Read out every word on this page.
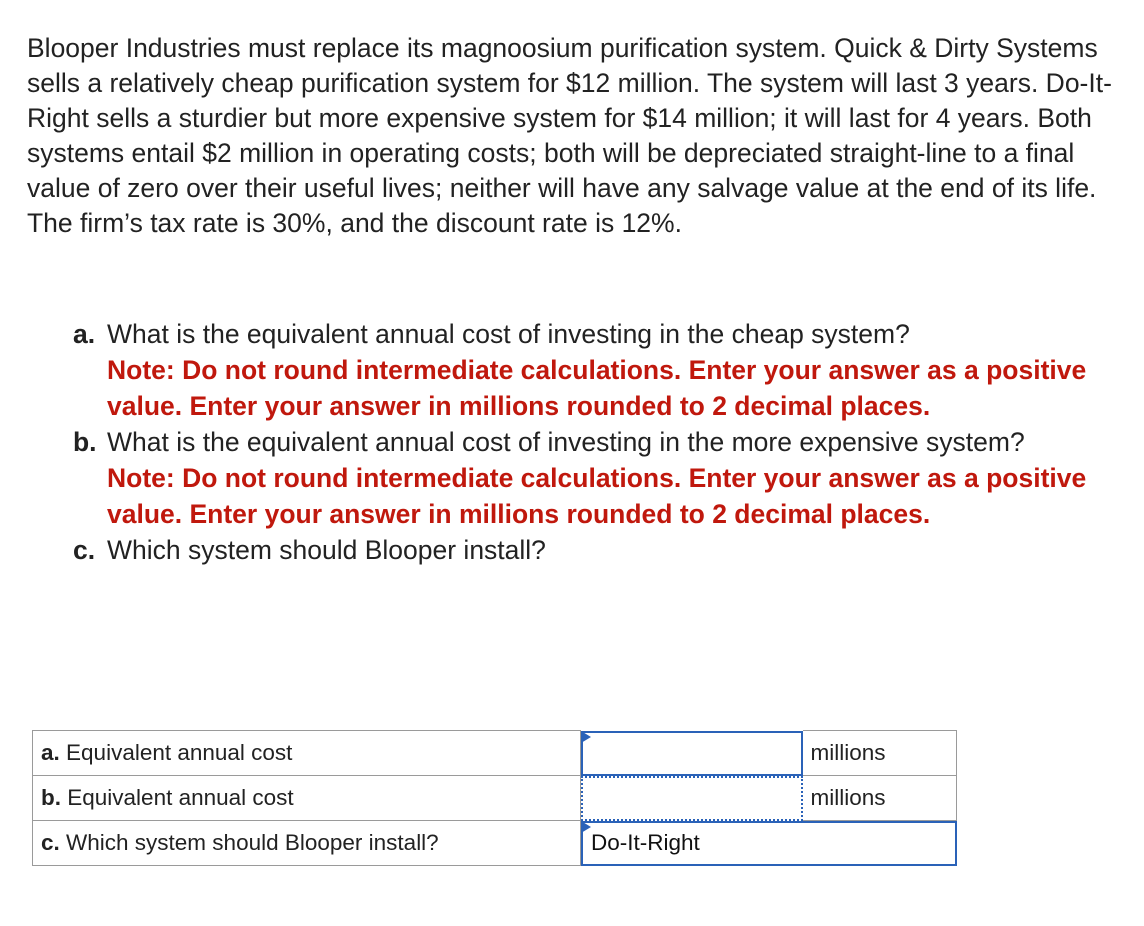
Blooper Industries must replace its magnoosium purification system. Quick & Dirty Systems sells a relatively cheap purification system for $12 million. The system will last 3 years. Do-It-Right sells a sturdier but more expensive system for $14 million; it will last for 4 years. Both systems entail $2 million in operating costs; both will be depreciated straight-line to a final value of zero over their useful lives; neither will have any salvage value at the end of its life. The firm’s tax rate is 30%, and the discount rate is 12%.

a. What is the equivalent annual cost of investing in the cheap system?
Note: Do not round intermediate calculations. Enter your answer as a positive value. Enter your answer in millions rounded to 2 decimal places.
b. What is the equivalent annual cost of investing in the more expensive system?
Note: Do not round intermediate calculations. Enter your answer as a positive value. Enter your answer in millions rounded to 2 decimal places.
c. Which system should Blooper install?
a. Equivalent annual cost		millions
b. Equivalent annual cost		millions
c. Which system should Blooper install?	Do-It-Right	
